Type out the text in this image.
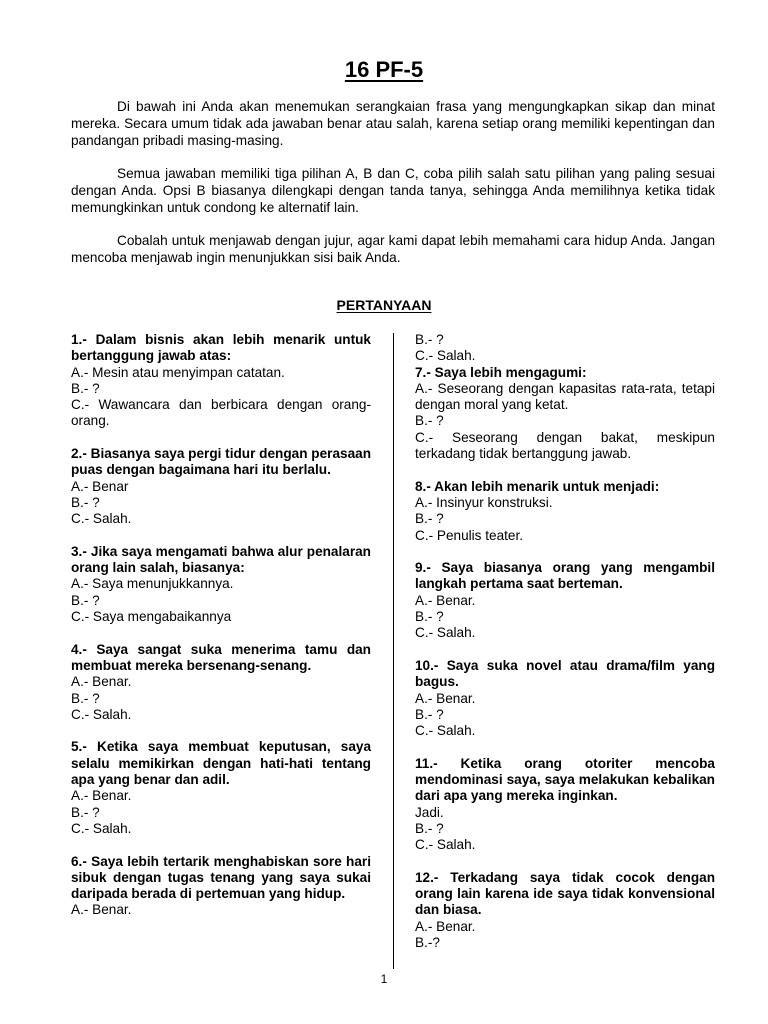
16 PF-5

Di bawah ini Anda akan menemukan serangkaian frasa yang mengungkapkan sikap dan minat mereka. Secara umum tidak ada jawaban benar atau salah, karena setiap orang memiliki kepentingan dan pandangan pribadi masing-masing.

Semua jawaban memiliki tiga pilihan A, B dan C, coba pilih salah satu pilihan yang paling sesuai dengan Anda. Opsi B biasanya dilengkapi dengan tanda tanya, sehingga Anda memilihnya ketika tidak memungkinkan untuk condong ke alternatif lain.

Cobalah untuk menjawab dengan jujur, agar kami dapat lebih memahami cara hidup Anda. Jangan mencoba menjawab ingin menunjukkan sisi baik Anda.

PERTANYAAN
1.- Dalam bisnis akan lebih menarik untuk bertanggung jawab atas:
A.- Mesin atau menyimpan catatan.
B.- ?
C.- Wawancara dan berbicara dengan orang-orang.
2.- Biasanya saya pergi tidur dengan perasaan puas dengan bagaimana hari itu berlalu.
A.- Benar
B.- ?
C.- Salah.
3.- Jika saya mengamati bahwa alur penalaran orang lain salah, biasanya:
A.- Saya menunjukkannya.
B.- ?
C.- Saya mengabaikannya
4.- Saya sangat suka menerima tamu dan membuat mereka bersenang-senang.
A.- Benar.
B.- ?
C.- Salah.
5.- Ketika saya membuat keputusan, saya selalu memikirkan dengan hati-hati tentang apa yang benar dan adil.
A.- Benar.
B.- ?
C.- Salah.
6.- Saya lebih tertarik menghabiskan sore hari sibuk dengan tugas tenang yang saya sukai daripada berada di pertemuan yang hidup.
A.- Benar.
B.- ?
C.- Salah.
7.- Saya lebih mengagumi:
A.- Seseorang dengan kapasitas rata-rata, tetapi dengan moral yang ketat.
B.- ?
C.- Seseorang dengan bakat, meskipun terkadang tidak bertanggung jawab.
8.- Akan lebih menarik untuk menjadi:
A.- Insinyur konstruksi.
B.- ?
C.- Penulis teater.
9.- Saya biasanya orang yang mengambil langkah pertama saat berteman.
A.- Benar.
B.- ?
C.- Salah.
10.- Saya suka novel atau drama/film yang bagus.
A.- Benar.
B.- ?
C.- Salah.
11.- Ketika orang otoriter mencoba mendominasi saya, saya melakukan kebalikan dari apa yang mereka inginkan.
Jadi.
B.- ?
C.- Salah.
12.- Terkadang saya tidak cocok dengan orang lain karena ide saya tidak konvensional dan biasa.
A.- Benar.
B.-?
1
